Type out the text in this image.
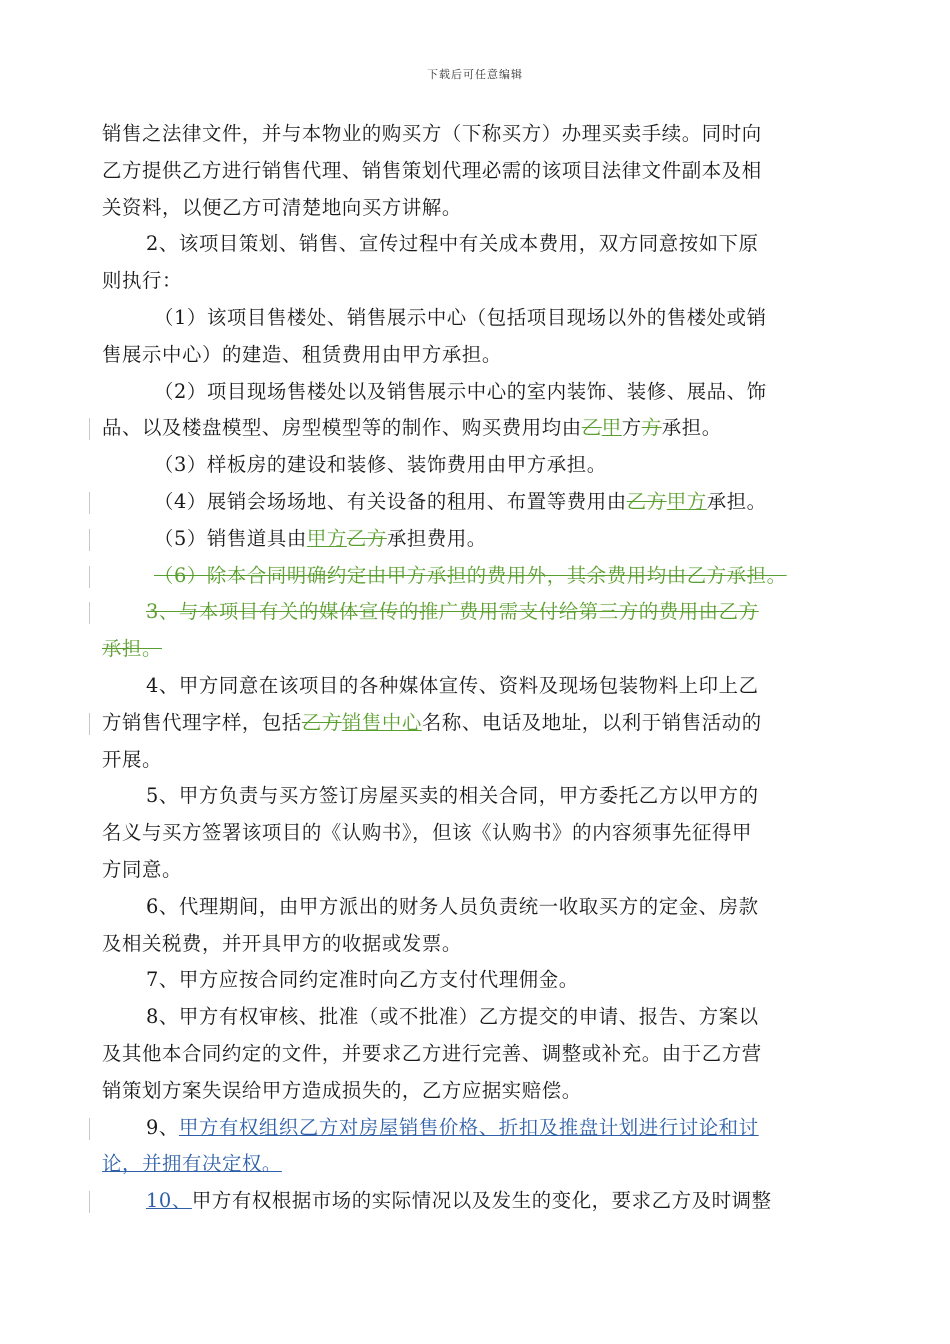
下载后可任意编辑
销售之法律文件，并与本物业的购买方（下称买方）办理买卖手续。同时向
乙方提供乙方进行销售代理、销售策划代理必需的该项目法律文件副本及相
关资料，以便乙方可清楚地向买方讲解。
2、该项目策划、销售、宣传过程中有关成本费用，双方同意按如下原
则执行：
（1）该项目售楼处、销售展示中心（包括项目现场以外的售楼处或销
售展示中心）的建造、租赁费用由甲方承担。
（2）项目现场售楼处以及销售展示中心的室内装饰、装修、展品、饰
品、以及楼盘模型、房型模型等的制作、购买费用均由乙甲方方承担。
（3）样板房的建设和装修、装饰费用由甲方承担。
（4）展销会场场地、有关设备的租用、布置等费用由乙方甲方承担。
（5）销售道具由甲方乙方承担费用。
（6）除本合同明确约定由甲方承担的费用外，其余费用均由乙方承担。
3、与本项目有关的媒体宣传的推广费用需支付给第三方的费用由乙方
承担。
4、甲方同意在该项目的各种媒体宣传、资料及现场包装物料上印上乙
方销售代理字样，包括乙方销售中心名称、电话及地址，以利于销售活动的
开展。
5、甲方负责与买方签订房屋买卖的相关合同，甲方委托乙方以甲方的
名义与买方签署该项目的《认购书》，但该《认购书》的内容须事先征得甲
方同意。
6、代理期间，由甲方派出的财务人员负责统一收取买方的定金、房款
及相关税费，并开具甲方的收据或发票。
7、甲方应按合同约定准时向乙方支付代理佣金。
8、甲方有权审核、批准（或不批准）乙方提交的申请、报告、方案以
及其他本合同约定的文件，并要求乙方进行完善、调整或补充。由于乙方营
销策划方案失误给甲方造成损失的，乙方应据实赔偿。
9、甲方有权组织乙方对房屋销售价格、折扣及推盘计划进行讨论和讨
论，并拥有决定权。
10、甲方有权根据市场的实际情况以及发生的变化，要求乙方及时调整
